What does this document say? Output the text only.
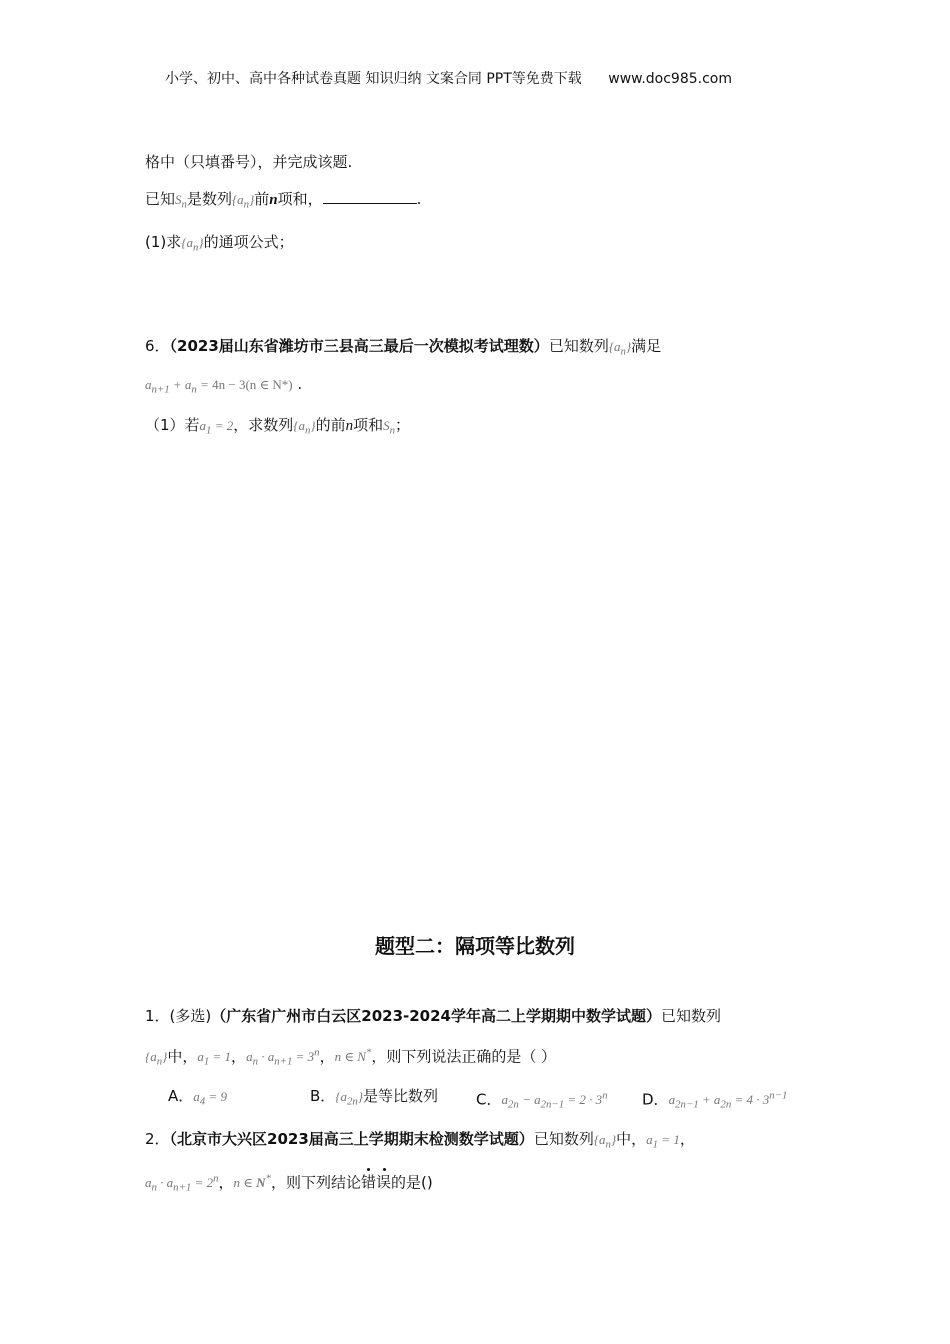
小学、初中、高中各种试卷真题 知识归纳 文案合同 PPT等免费下载 www.doc985.com
格中（只填番号），并完成该题.
已知$S_n$是数列$\{a_n\}$前n项和，	.
(1)求$\{a_n\}$的通项公式；
6．（2023届山东省潍坊市三县高三最后一次模拟考试理数）已知数列$\{a_n\}$满足
$a_{n+1} + a_n = 4n - 3(n$ ∈ N*) .
（1）若$a_1 = 2$，求数列$\{a_n\}$的前n项和$S_n$；
题型二：隔项等比数列
1．(多选)（广东省广州市白云区2023-2024学年高二上学期期中数学试题）已知数列
$\{a_n\}$中，$a_1 = 1$，$a_n \cdot a_{n+1} = 3^n$，n ∈ N*，则下列说法正确的是（ ）
A．$a_4 = 9$	B．$\{a_{2n}\}$是等比数列	C．$a_{2n} - a_{2n-1} = 2 \cdot 3^n$ D．$a_{2n-1} + a_{2n} = 4 \cdot 3^{n-1}$
2．（北京市大兴区2023届高三上学期期末检测数学试题）已知数列$\{a_n\}$中，$a_1 = 1$，
$a_n \cdot a_{n+1} = 2^n$，n ∈ N*，则下列结论错误的是()
